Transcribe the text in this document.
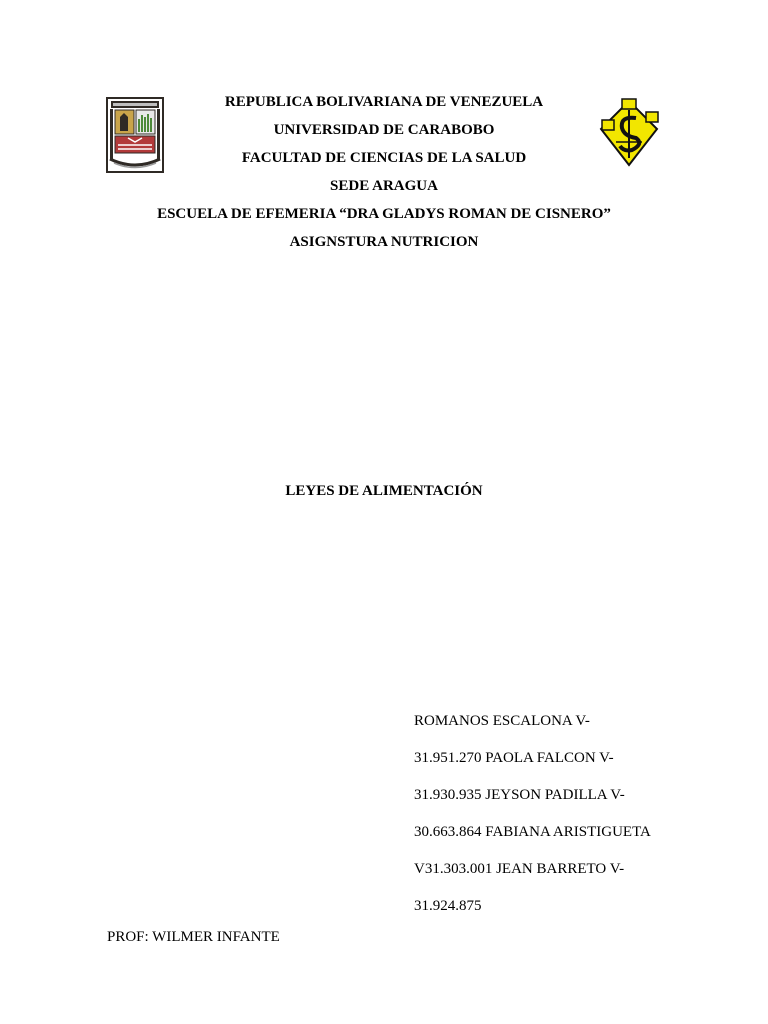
REPUBLICA BOLIVARIANA DE VENEZUELA
UNIVERSIDAD DE CARABOBO
FACULTAD DE CIENCIAS DE LA SALUD
SEDE ARAGUA
ESCUELA DE EFEMERIA “DRA GLADYS ROMAN DE CISNERO”
ASIGNSTURA NUTRICION
LEYES DE ALIMENTACIÓN
ROMANOS ESCALONA V-
31.951.270 PAOLA FALCON V-
31.930.935 JEYSON PADILLA V-
30.663.864 FABIANA ARISTIGUETA
V31.303.001 JEAN BARRETO V-
31.924.875
PROF: WILMER INFANTE
